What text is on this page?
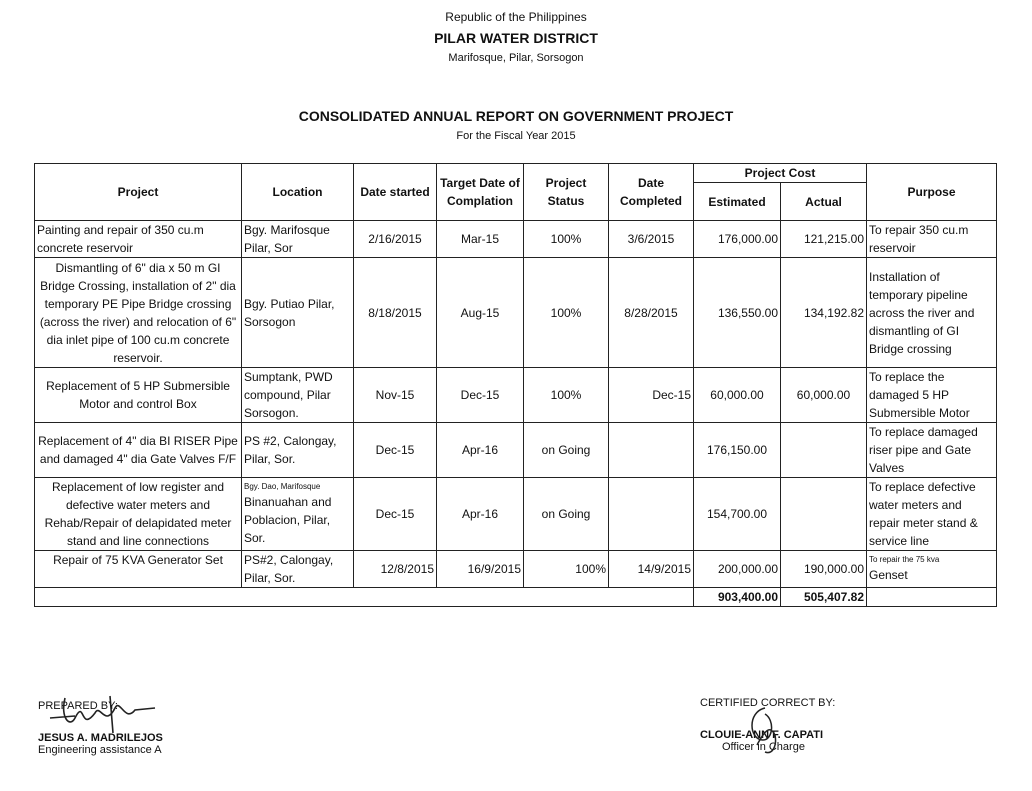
Republic of the Philippines
PILAR WATER DISTRICT
Marifosque, Pilar, Sorsogon
CONSOLIDATED ANNUAL REPORT ON GOVERNMENT PROJECT
For the Fiscal Year 2015
Project	Location	Date started	Target Date of Complation	Project Status	Date Completed	Project Cost		Purpose
						Estimated	Actual	

Painting and repair of 350 cu.m concrete reservoir	Bgy. Marifosque Pilar, Sor	2/16/2015	Mar-15	100%	3/6/2015	176,000.00	121,215.00	To repair 350 cu.m reservoir
Dismantling of 6" dia x 50 m GI Bridge Crossing, installation of 2" dia temporary PE Pipe Bridge crossing (across the river) and relocation of 6" dia inlet pipe of 100 cu.m concrete reservoir.	Bgy. Putiao Pilar, Sorsogon	8/18/2015	Aug-15	100%	8/28/2015	136,550.00	134,192.82	Installation of temporary pipeline across the river and dismantling of GI Bridge crossing
Replacement of 5 HP Submersible Motor and control Box	Sumptank, PWD compound, Pilar Sorsogon.	Nov-15	Dec-15	100%	Dec-15	60,000.00	60,000.00	To replace the damaged 5 HP Submersible Motor
Replacement of 4" dia BI RISER Pipe and damaged 4" dia Gate Valves F/F	PS #2, Calongay, Pilar, Sor.	Dec-15	Apr-16	on Going		176,150.00		To replace damaged riser pipe and Gate Valves
Replacement of low register and defective water meters and Rehab/Repair of delapidated meter stand and line connections	Bgy. Dao, Marifosque
Binanuahan and Poblacion, Pilar, Sor.	Dec-15	Apr-16	on Going		154,700.00		To replace defective water meters and repair meter stand & service line
Repair of 75 KVA Generator Set	PS#2, Calongay, Pilar, Sor.	12/8/2015	16/9/2015	100%	14/9/2015	200,000.00	190,000.00	To repair the 75 kva
Genset
						903,400.00	505,407.82	
PREPARED BY:
JESUS A. MADRILEJOS
Engineering assistance A
CERTIFIED CORRECT BY:
CLOUIE-ANN F. CAPATI
Officer in Charge
